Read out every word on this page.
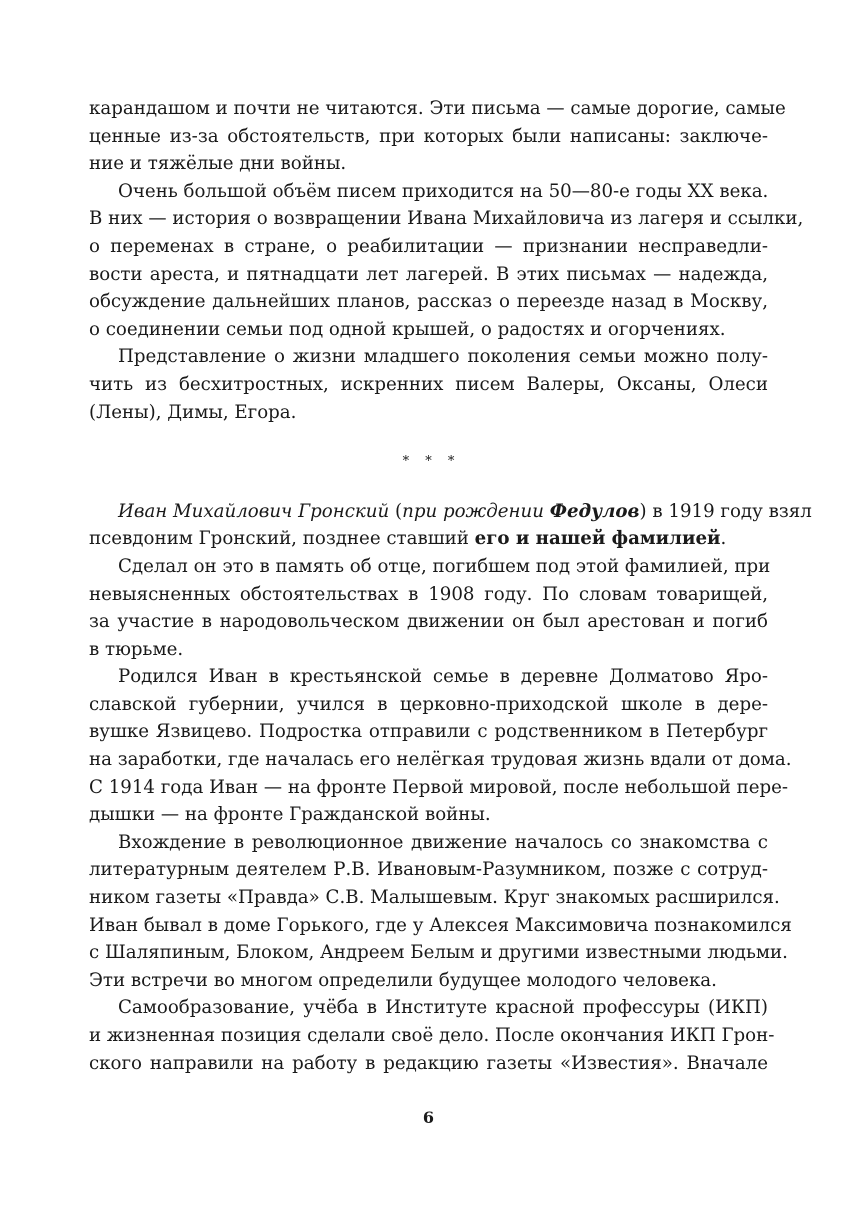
карандашом и почти не читаются. Эти письма — самые дорогие, самые
ценные из-за обстоятельств, при которых были написаны: заключе-
ние и тяжёлые дни войны.
Очень большой объём писем приходится на 50—80-е годы XX века.
В них — история о возвращении Ивана Михайловича из лагеря и ссылки,
о переменах в стране, о реабилитации — признании несправедли-
вости ареста, и пятнадцати лет лагерей. В этих письмах — надежда,
обсуждение дальнейших планов, рассказ о переезде назад в Москву,
о соединении семьи под одной крышей, о радостях и огорчениях.
Представление о жизни младшего поколения семьи можно полу-
чить из бесхитростных, искренних писем Валеры, Оксаны, Олеси
(Лены), Димы, Егора.
* * *
Иван Михайлович Гронский (при рождении Федулов) в 1919 году взял
псевдоним Гронский, позднее ставший его и нашей фамилией.
Сделал он это в память об отце, погибшем под этой фамилией, при
невыясненных обстоятельствах в 1908 году. По словам товарищей,
за участие в народовольческом движении он был арестован и погиб
в тюрьме.
Родился Иван в крестьянской семье в деревне Долматово Яро-
славской губернии, учился в церковно-приходской школе в дере-
вушке Язвицево. Подростка отправили с родственником в Петербург
на заработки, где началась его нелёгкая трудовая жизнь вдали от дома.
С 1914 года Иван — на фронте Первой мировой, после небольшой пере-
дышки — на фронте Гражданской войны.
Вхождение в революционное движение началось со знакомства с
литературным деятелем Р.В. Ивановым-Разумником, позже с сотруд-
ником газеты «Правда» С.В. Малышевым. Круг знакомых расширился.
Иван бывал в доме Горького, где у Алексея Максимовича познакомился
с Шаляпиным, Блоком, Андреем Белым и другими известными людьми.
Эти встречи во многом определили будущее молодого человека.
Самообразование, учёба в Институте красной профессуры (ИКП)
и жизненная позиция сделали своё дело. После окончания ИКП Грон-
ского направили на работу в редакцию газеты «Известия». Вначале
6
